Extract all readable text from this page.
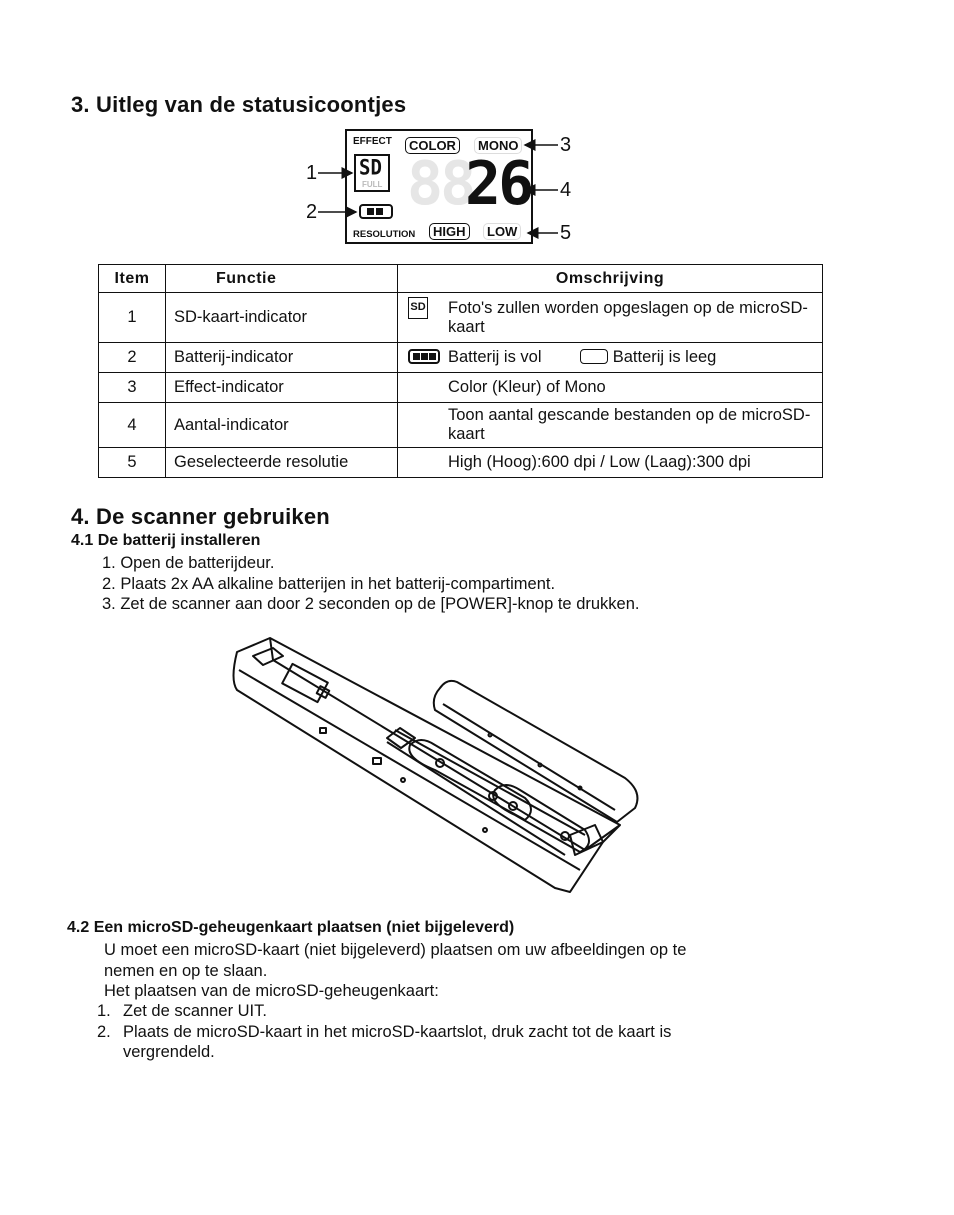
3. Uitleg van de statusicoontjes
EFFECT	COLOR	MONO
SD
FULL 88
26
RESOLUTION	HIGH	LOW
1
2
3
4
5
Item	Functie	Omschrijving
1	SD-kaart-indicator	SD Foto's zullen worden opgeslagen op de microSD-kaart

2	Batterij-indicator	Batterij is vol Batterij is leeg
3	Effect-indicator	Color (Kleur) of Mono

4	Aantal-indicator	Toon aantal gescande bestanden op de microSD-kaart

5	Geselecteerde resolutie	High (Hoog):600 dpi / Low (Laag):300 dpi
4. De scanner gebruiken
4.1 De batterij installeren
1. Open de batterijdeur.
2. Plaats 2x AA alkaline batterijen in het batterij-compartiment.
3. Zet de scanner aan door 2 seconden op de [POWER]-knop te drukken.
4.2 Een microSD-geheugenkaart plaatsen (niet bijgeleverd)
U moet een microSD-kaart (niet bijgeleverd) plaatsen om uw afbeeldingen op te
nemen en op te slaan.
Het plaatsen van de microSD-geheugenkaart:
1. Zet de scanner UIT.
2. Plaats de microSD-kaart in het microSD-kaartslot, druk zacht tot de kaart is
vergrendeld.
